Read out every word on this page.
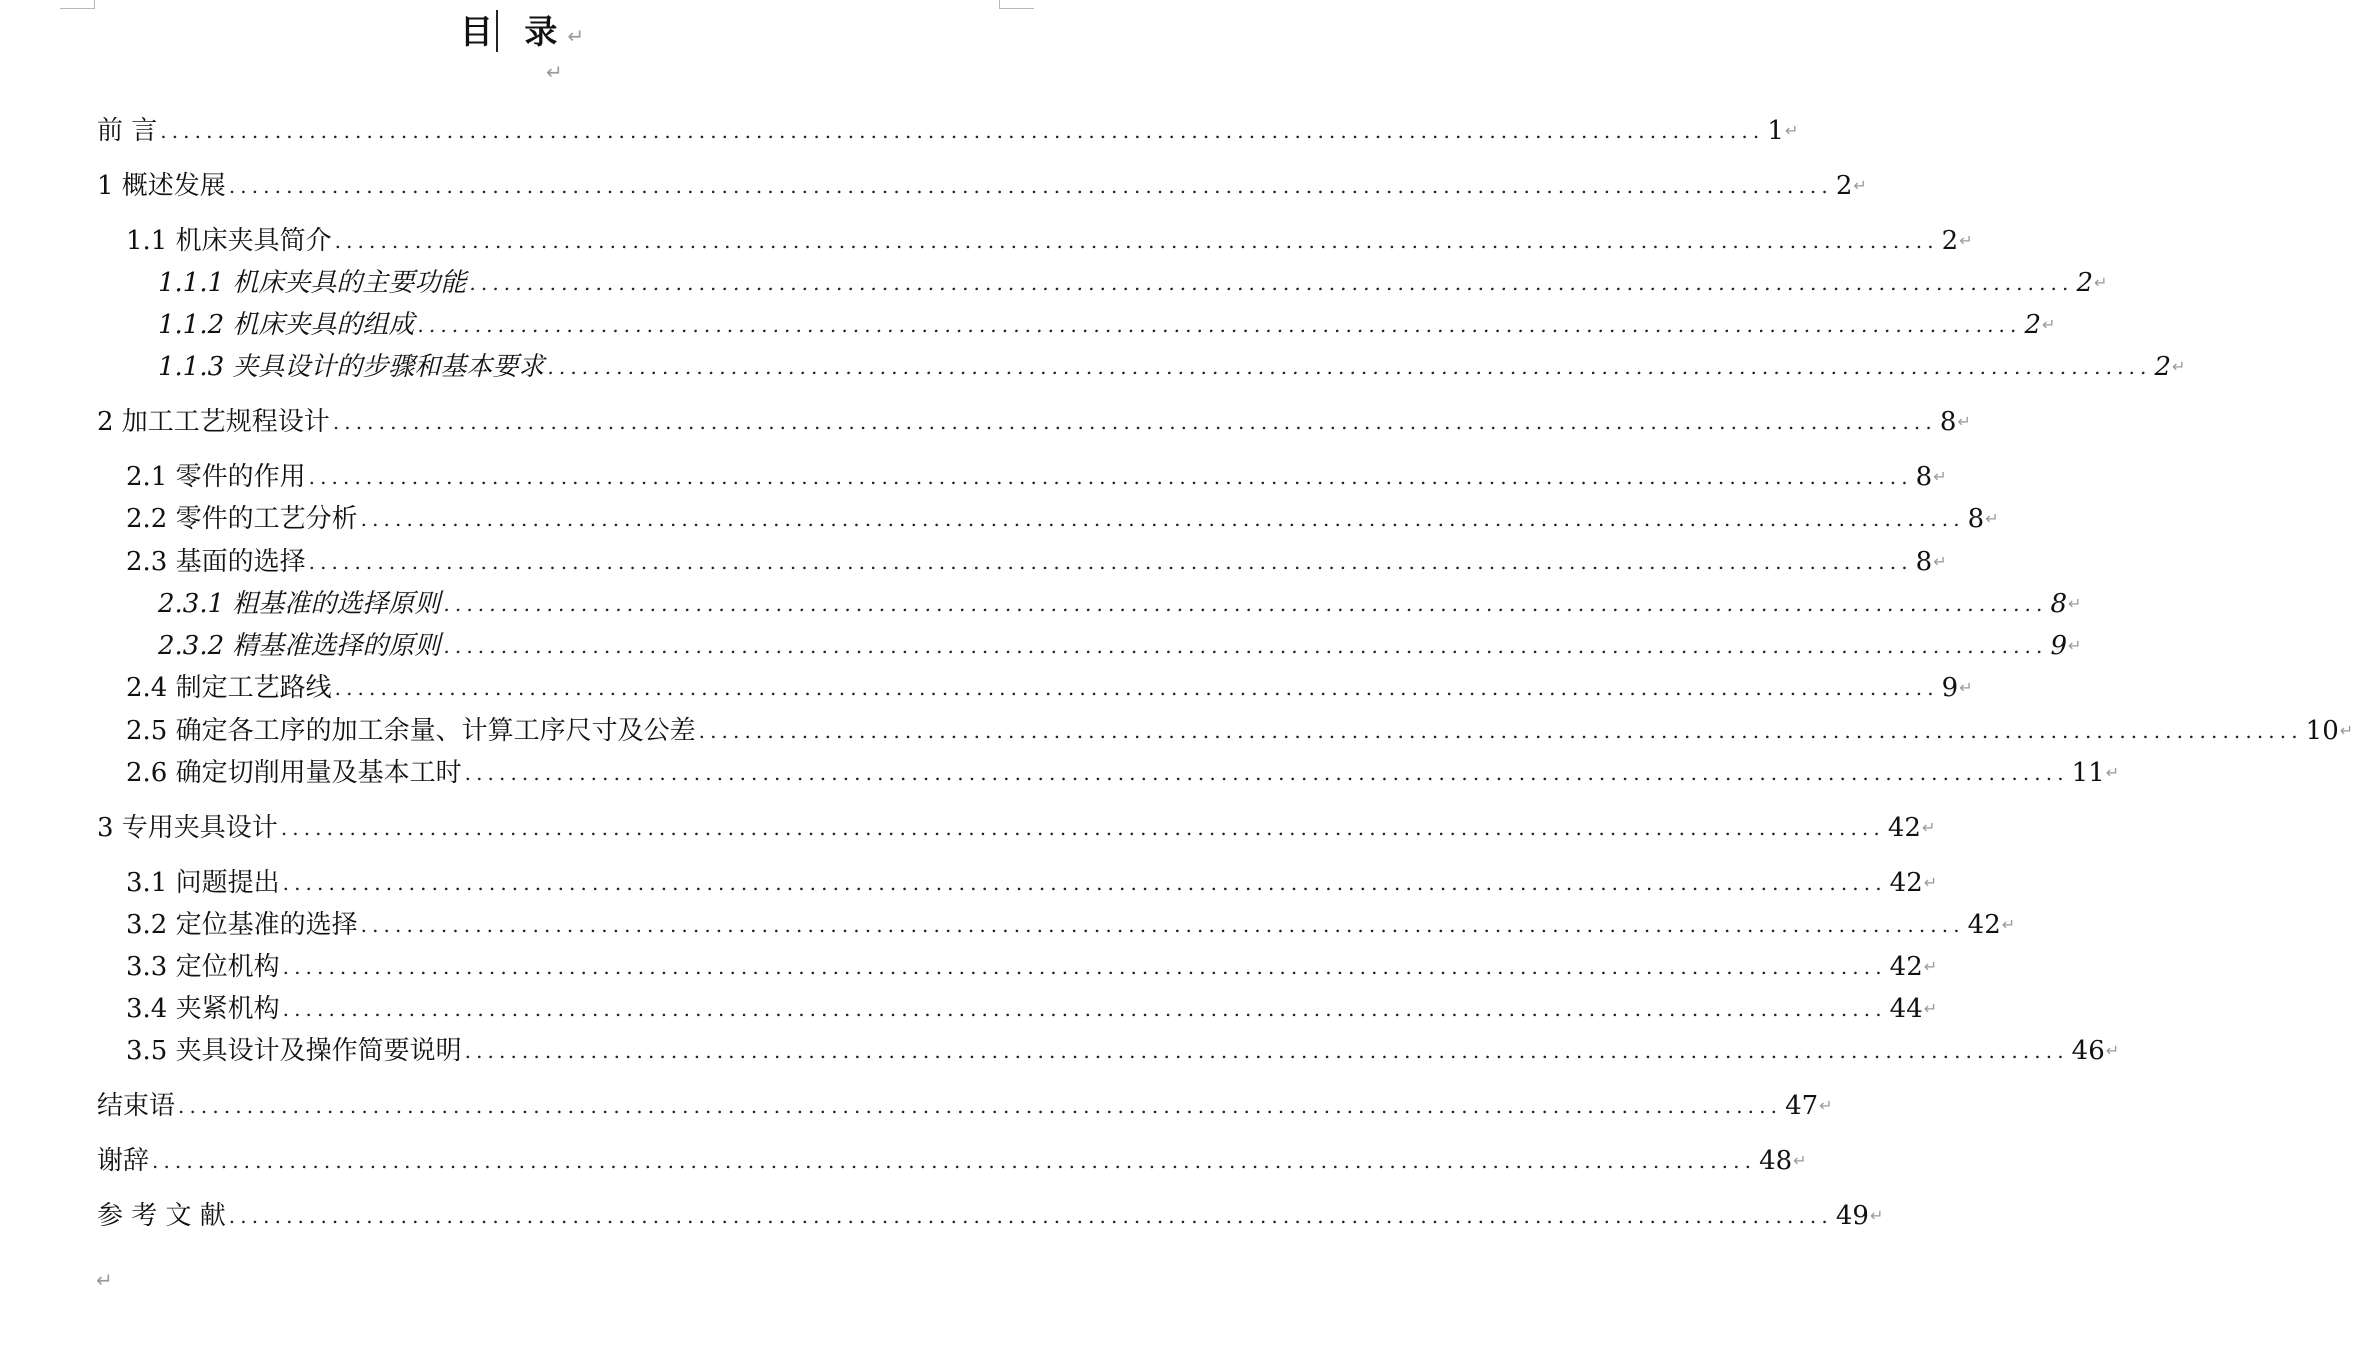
目 录↵
↵
前 言 ............................................................................................................................................ 1 ↵
1 概述发展 ............................................................................................................................................ 2 ↵
1.1 机床夹具简介 ............................................................................................................................................ 2 ↵
1.1.1 机床夹具的主要功能 ............................................................................................................................................ 2 ↵
1.1.2 机床夹具的组成 ............................................................................................................................................ 2 ↵
1.1.3 夹具设计的步骤和基本要求 ............................................................................................................................................ 2 ↵
2 加工工艺规程设计 ............................................................................................................................................ 8 ↵
2.1 零件的作用 ............................................................................................................................................ 8 ↵
2.2 零件的工艺分析 ............................................................................................................................................ 8 ↵
2.3 基面的选择 ............................................................................................................................................ 8 ↵
2.3.1 粗基准的选择原则 ............................................................................................................................................ 8 ↵
2.3.2 精基准选择的原则 ............................................................................................................................................ 9 ↵
2.4 制定工艺路线 ............................................................................................................................................ 9 ↵
2.5 确定各工序的加工余量、计算工序尺寸及公差 ............................................................................................................................................ 10 ↵
2.6 确定切削用量及基本工时 ............................................................................................................................................ 11 ↵
3 专用夹具设计 ............................................................................................................................................ 42 ↵
3.1 问题提出 ............................................................................................................................................ 42 ↵
3.2 定位基准的选择 ............................................................................................................................................ 42 ↵
3.3 定位机构 ............................................................................................................................................ 42 ↵
3.4 夹紧机构 ............................................................................................................................................ 44 ↵
3.5 夹具设计及操作简要说明 ............................................................................................................................................ 46 ↵
结束语 ............................................................................................................................................ 47 ↵
谢辞 ............................................................................................................................................ 48 ↵
参 考 文 献 ............................................................................................................................................ 49 ↵
↵
